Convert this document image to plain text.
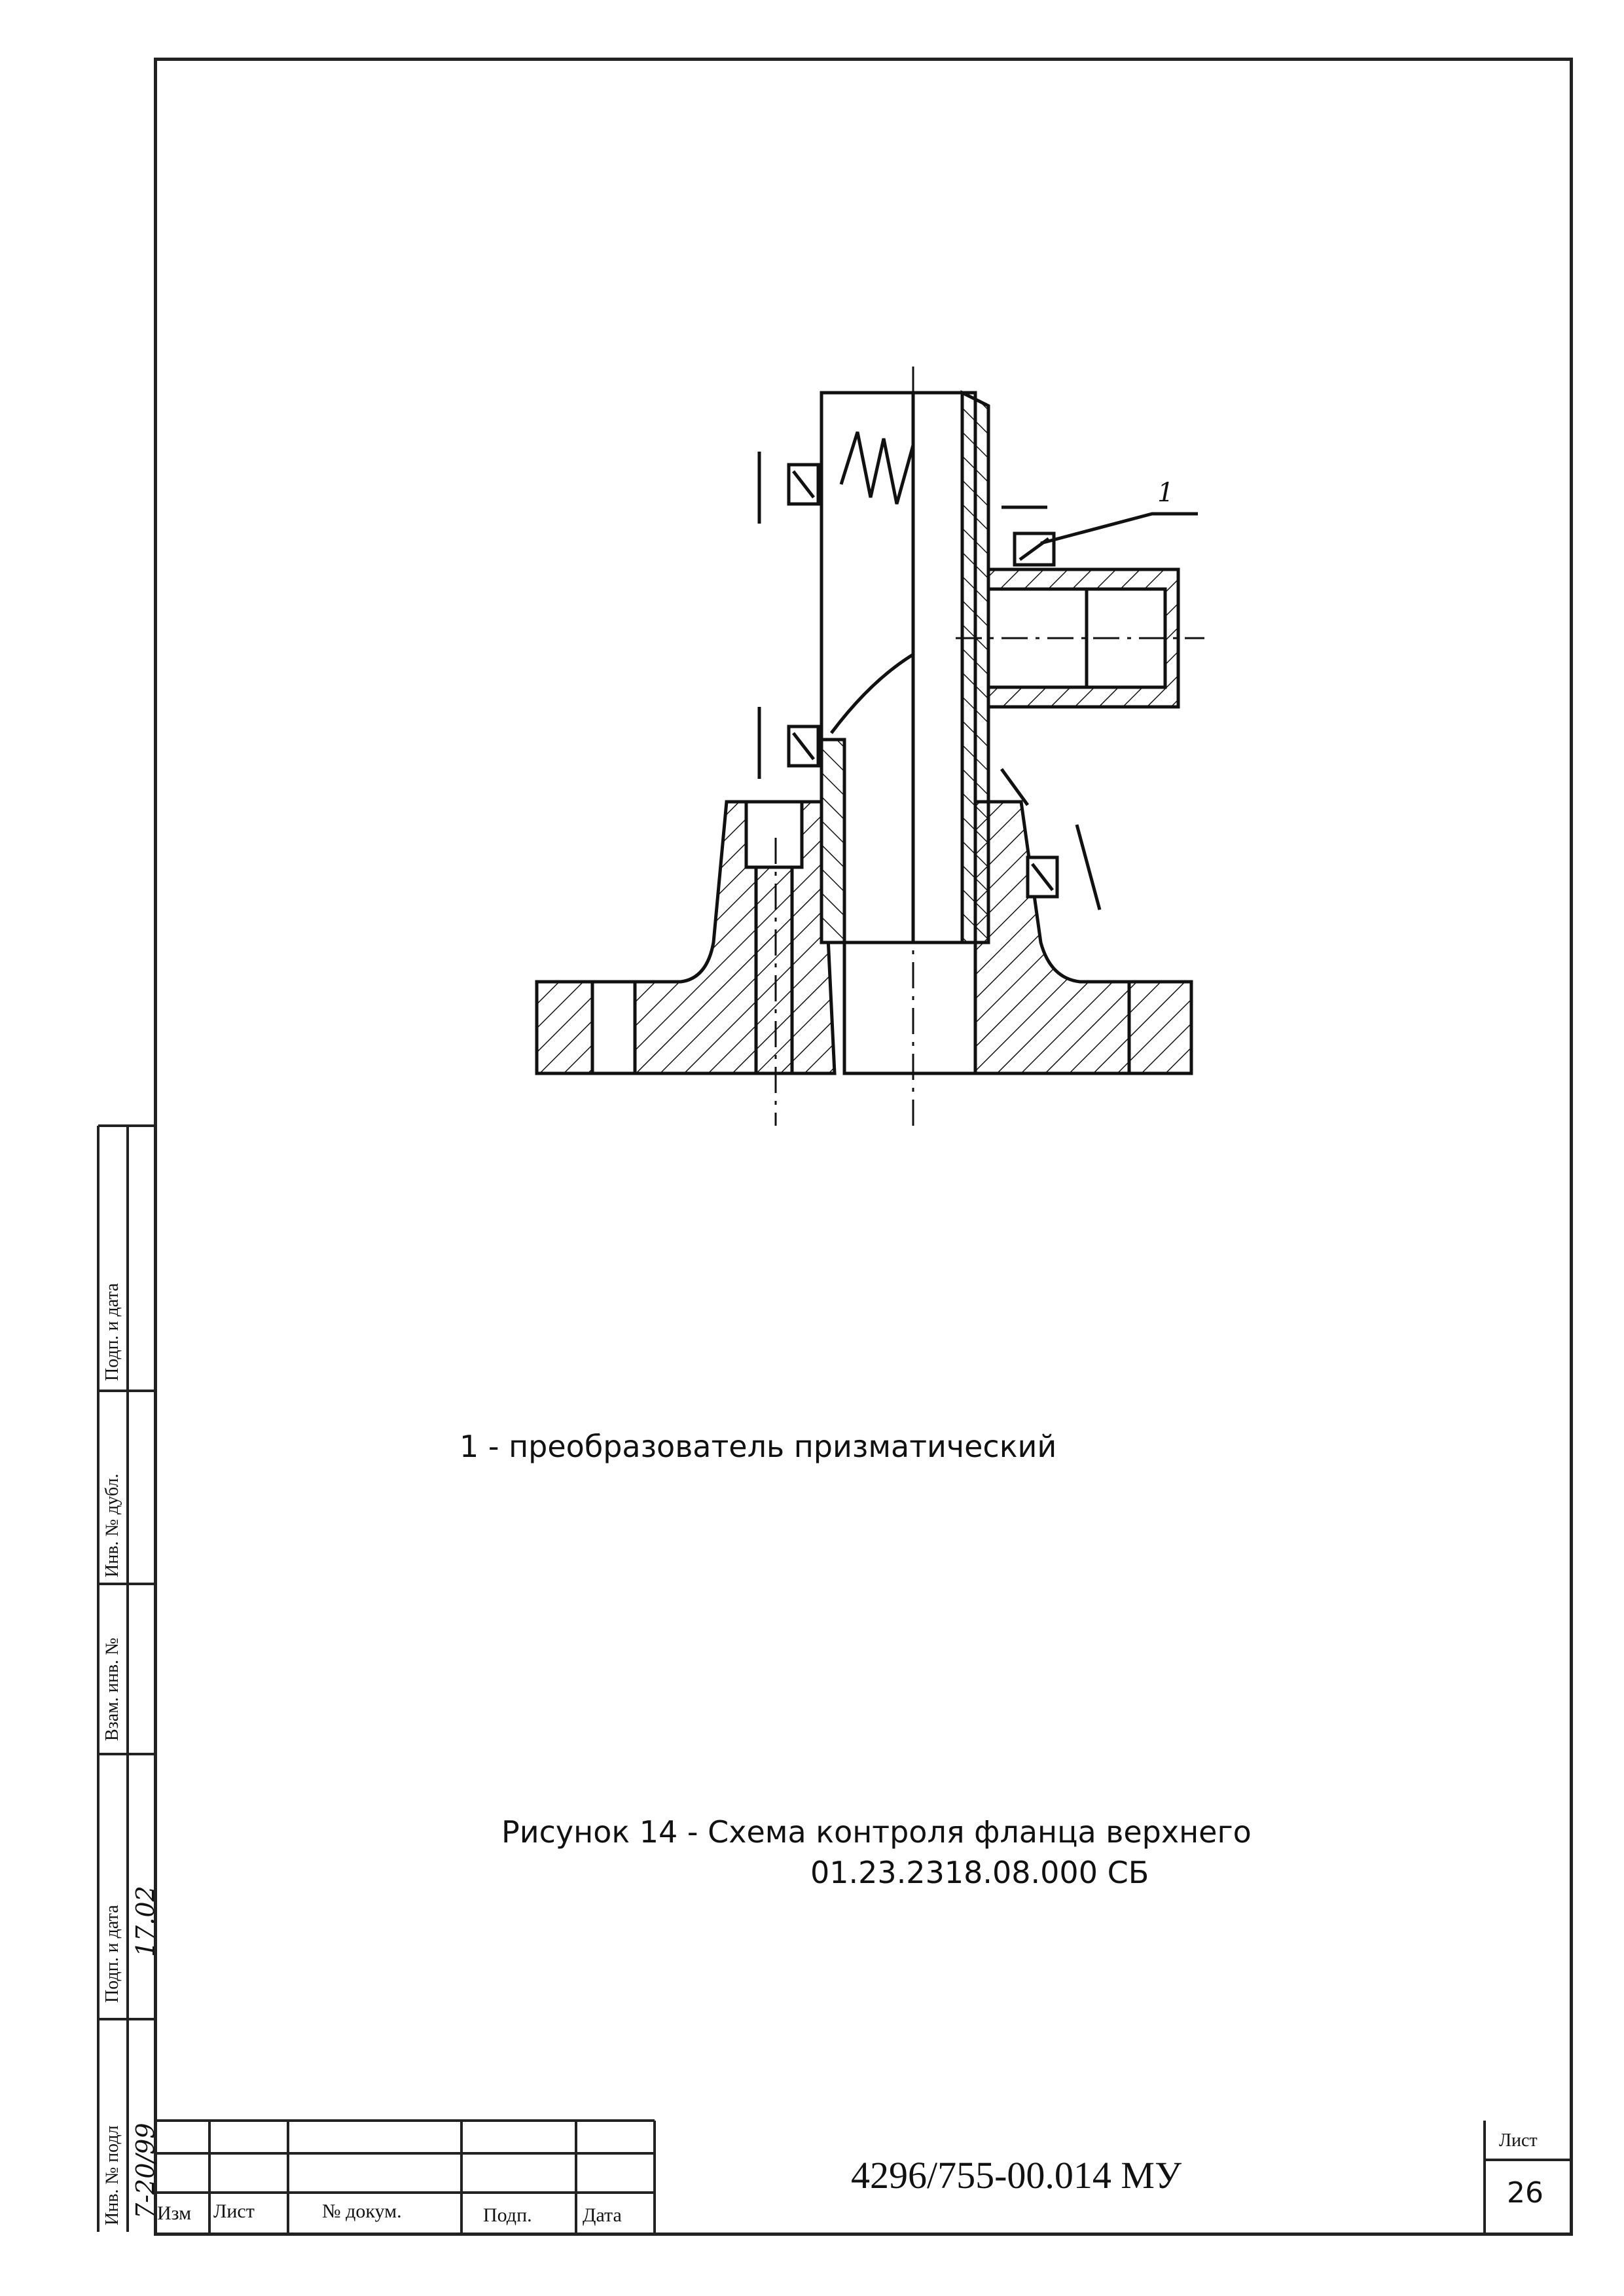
1
1 - преобразователь призматический
Рисунок 14 - Схема контроля фланца верхнего
01.23.2318.08.000 СБ
Инв. № подл
Подп. и дата
Взам. инв. №
Инв. № дубл.
Подп. и дата
7-20/99
17.02
Изм Лист	№ докум.	Подп.	Дата
4296/755-00.014 МУ
Лист
26
